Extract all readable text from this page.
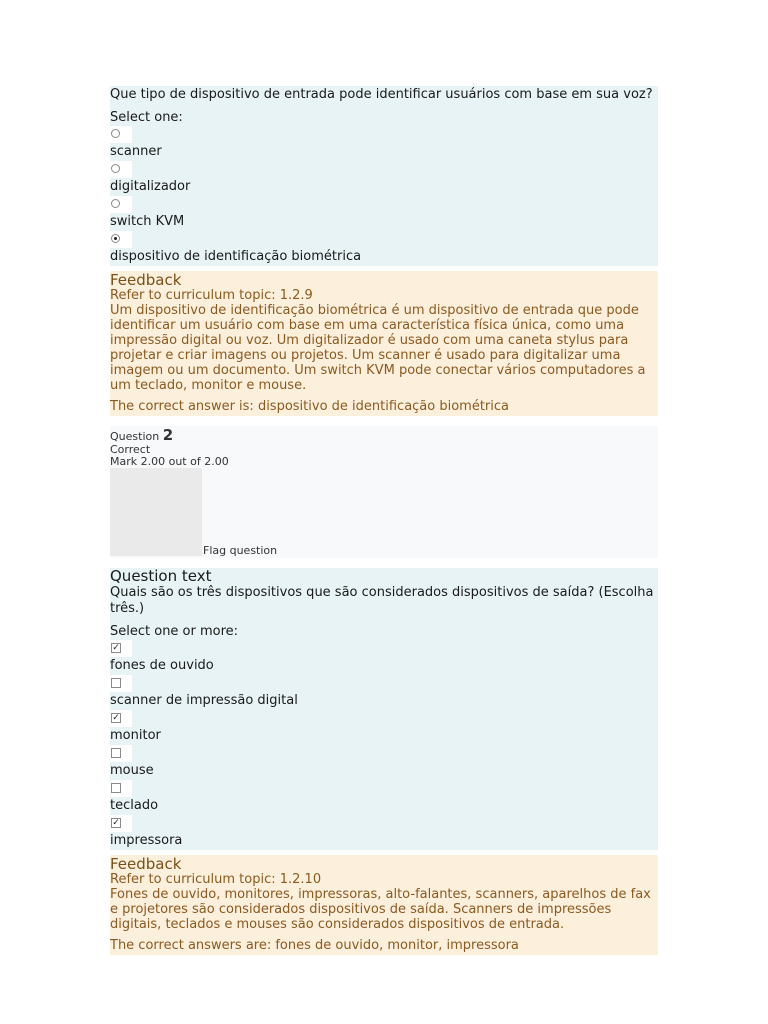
Que tipo de dispositivo de entrada pode identificar usuários com base em sua voz?
Select one:
scanner
digitalizador
switch KVM
dispositivo de identificação biométrica
Feedback
Refer to curriculum topic: 1.2.9
Um dispositivo de identificação biométrica é um dispositivo de entrada que pode identificar um usuário com base em uma característica física única, como uma impressão digital ou voz. Um digitalizador é usado com uma caneta stylus para projetar e criar imagens ou projetos. Um scanner é usado para digitalizar uma imagem ou um documento. Um switch KVM pode conectar vários computadores a um teclado, monitor e mouse.
The correct answer is: dispositivo de identificação biométrica
Question 2
Correct
Mark 2.00 out of 2.00
Flag question
Question text
Quais são os três dispositivos que são considerados dispositivos de saída? (Escolha três.)
Select one or more:
✓
fones de ouvido
scanner de impressão digital
✓
monitor
mouse
teclado
✓
impressora
Feedback
Refer to curriculum topic: 1.2.10
Fones de ouvido, monitores, impressoras, alto-falantes, scanners, aparelhos de fax e projetores são considerados dispositivos de saída. Scanners de impressões digitais, teclados e mouses são considerados dispositivos de entrada.
The correct answers are: fones de ouvido, monitor, impressora
